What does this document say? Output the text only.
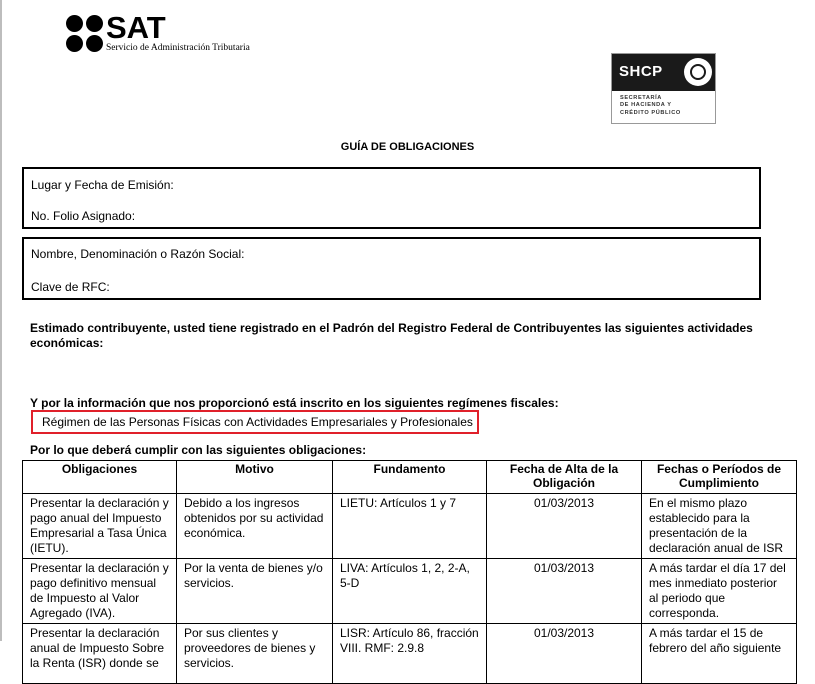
SAT
Servicio de Administración Tributaria
SHCP
SECRETARÍA
DE HACIENDA Y
CRÉDITO PÚBLICO
GUÍA DE OBLIGACIONES
Lugar y Fecha de Emisión:
No. Folio Asignado:
Nombre, Denominación o Razón Social:
Clave de RFC:
Estimado contribuyente, usted tiene registrado en el Padrón del Registro Federal de Contribuyentes las siguientes actividades económicas:
Y por la información que nos proporcionó está inscrito en los siguientes regímenes fiscales:
Régimen de las Personas Físicas con Actividades Empresariales y Profesionales
Por lo que deberá cumplir con las siguientes obligaciones:
Obligaciones	Motivo	Fundamento	Fecha de Alta de la Obligación	Fechas o Períodos de Cumplimiento
Presentar la declaración y pago anual del Impuesto Empresarial a Tasa Única (IETU).	Debido a los ingresos obtenidos por su actividad económica.	LIETU: Artículos 1 y 7	01/03/2013	En el mismo plazo establecido para la presentación de la declaración anual de ISR
Presentar la declaración y pago definitivo mensual de Impuesto al Valor Agregado (IVA).	Por la venta de bienes y/o servicios.	LIVA: Artículos 1, 2, 2-A, 5-D	01/03/2013	A más tardar el día 17 del mes inmediato posterior al periodo que corresponda.
Presentar la declaración anual de Impuesto Sobre la Renta (ISR) donde se	Por sus clientes y proveedores de bienes y servicios.	LISR: Artículo 86, fracción VIII. RMF: 2.9.8	01/03/2013	A más tardar el 15 de febrero del año siguiente
